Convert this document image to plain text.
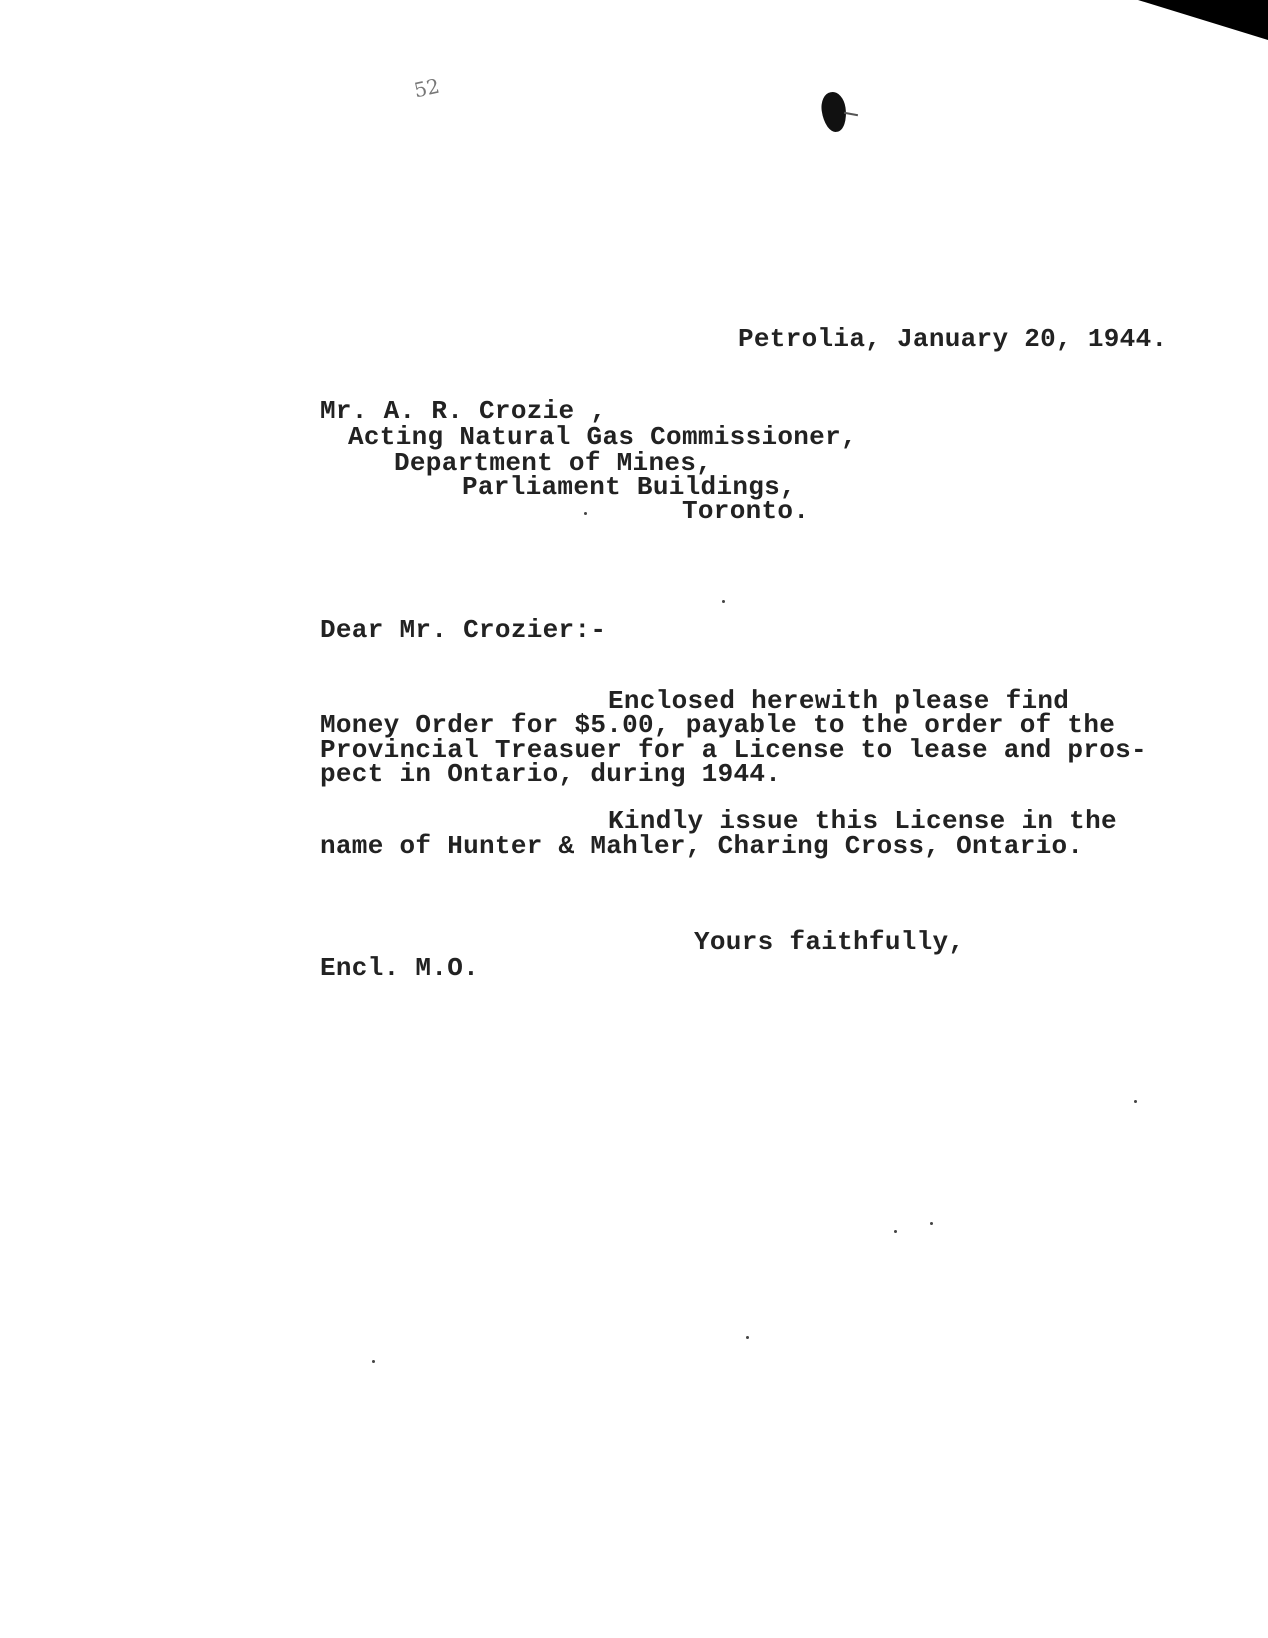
52
Petrolia, January 20, 1944.
Mr. A. R. Crozie ,
Acting Natural Gas Commissioner,
Department of Mines,
Parliament Buildings,
Toronto.
Dear Mr. Crozier:-
Enclosed herewith please find
Money Order for $5.00, payable to the order of the
Provincial Treasuer for a License to lease and pros-
pect in Ontario, during 1944.
Kindly issue this License in the
name of Hunter & Mahler, Charing Cross, Ontario.
Yours faithfully,
Encl. M.O.
